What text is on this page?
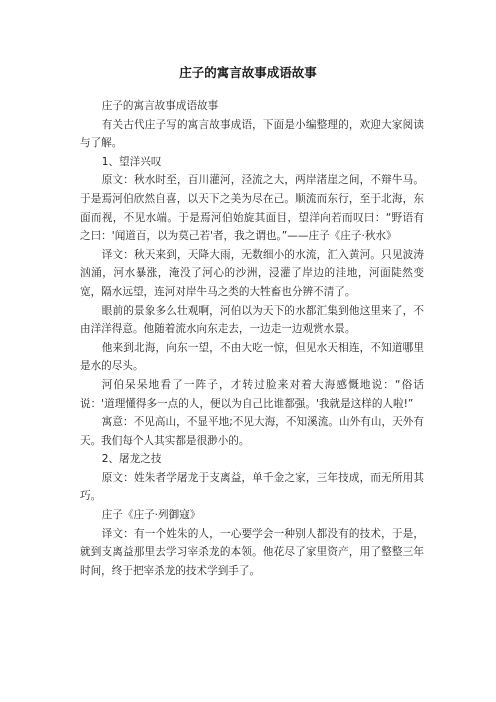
庄子的寓言故事成语故事

庄子的寓言故事成语故事

有关古代庄子写的寓言故事成语，下面是小编整理的，欢迎大家阅读与了解。

1、望洋兴叹

原文：秋水时至，百川灌河，泾流之大，两岸渚崖之间，不辩牛马。于是焉河伯欣然自喜，以天下之美为尽在己。顺流而东行，至于北海，东面而视，不见水端。于是焉河伯始旋其面目，望洋向若而叹曰：“野语有之曰：'闻道百，以为莫己若'者，我之谓也。”——庄子《庄子·秋水》

译文：秋天来到，天降大雨，无数细小的水流，汇入黄河。只见波涛汹涌，河水暴涨，淹没了河心的沙洲，浸灌了岸边的洼地，河面陡然变宽，隔水远望，连河对岸牛马之类的大牲畜也分辨不清了。

眼前的景象多么壮观啊，河伯以为天下的水都汇集到他这里来了，不由洋洋得意。他随着流水向东走去，一边走一边观赏水景。

他来到北海，向东一望，不由大吃一惊，但见水天相连，不知道哪里是水的尽头。

河伯呆呆地看了一阵子，才转过脸来对着大海感慨地说：“俗话说：'道理懂得多一点的人，便以为自己比谁都强。'我就是这样的人啦!”

寓意：不见高山，不显平地;不见大海，不知溪流。山外有山，天外有天。我们每个人其实都是很渺小的。

2、屠龙之技

原文：姓朱者学屠龙于支离益，单千金之家，三年技成，而无所用其巧。

庄子《庄子·列御寇》

译文：有一个姓朱的人，一心要学会一种别人都没有的技术，于是，就到支离益那里去学习宰杀龙的本领。他花尽了家里资产，用了整整三年时间，终于把宰杀龙的技术学到手了。
